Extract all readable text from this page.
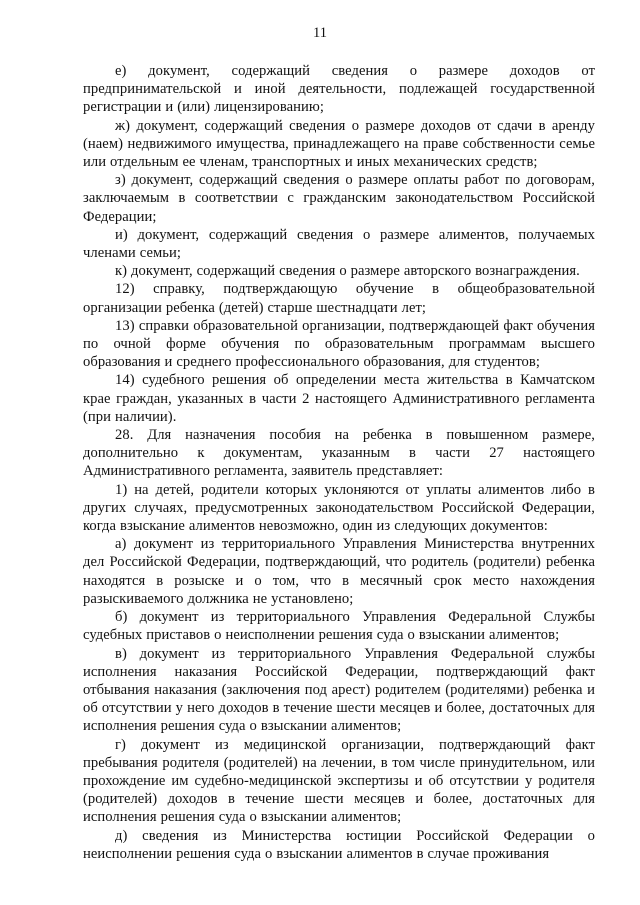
11

е) документ, содержащий сведения о размере доходов от предпринимательской и иной деятельности, подлежащей государственной регистрации и (или) лицензированию;

ж) документ, содержащий сведения о размере доходов от сдачи в аренду (наем) недвижимого имущества, принадлежащего на праве собственности семье или отдельным ее членам, транспортных и иных механических средств;

з) документ, содержащий сведения о размере оплаты работ по договорам, заключаемым в соответствии с гражданским законодательством Российской Федерации;

и) документ, содержащий сведения о размере алиментов, получаемых членами семьи;

к) документ, содержащий сведения о размере авторского вознаграждения.

12) справку, подтверждающую обучение в общеобразовательной организации ребенка (детей) старше шестнадцати лет;

13) справки образовательной организации, подтверждающей факт обучения по очной форме обучения по образовательным программам высшего образования и среднего профессионального образования, для студентов;

14) судебного решения об определении места жительства в Камчатском крае граждан, указанных в части 2 настоящего Административного регламента (при наличии).

28. Для назначения пособия на ребенка в повышенном размере, дополнительно к документам, указанным в части 27 настоящего Административного регламента, заявитель представляет:

1) на детей, родители которых уклоняются от уплаты алиментов либо в других случаях, предусмотренных законодательством Российской Федерации, когда взыскание алиментов невозможно, один из следующих документов:

а) документ из территориального Управления Министерства внутренних дел Российской Федерации, подтверждающий, что родитель (родители) ребенка находятся в розыске и о том, что в месячный срок место нахождения разыскиваемого должника не установлено;

б) документ из территориального Управления Федеральной Службы судебных приставов о неисполнении решения суда о взыскании алиментов;

в) документ из территориального Управления Федеральной службы исполнения наказания Российской Федерации, подтверждающий факт отбывания наказания (заключения под арест) родителем (родителями) ребенка и об отсутствии у него доходов в течение шести месяцев и более, достаточных для исполнения решения суда о взыскании алиментов;

г) документ из медицинской организации, подтверждающий факт пребывания родителя (родителей) на лечении, в том числе принудительном, или прохождение им судебно-медицинской экспертизы и об отсутствии у родителя (родителей) доходов в течение шести месяцев и более, достаточных для исполнения решения суда о взыскании алиментов;

д) сведения из Министерства юстиции Российской Федерации о неисполнении решения суда о взыскании алиментов в случае проживания
